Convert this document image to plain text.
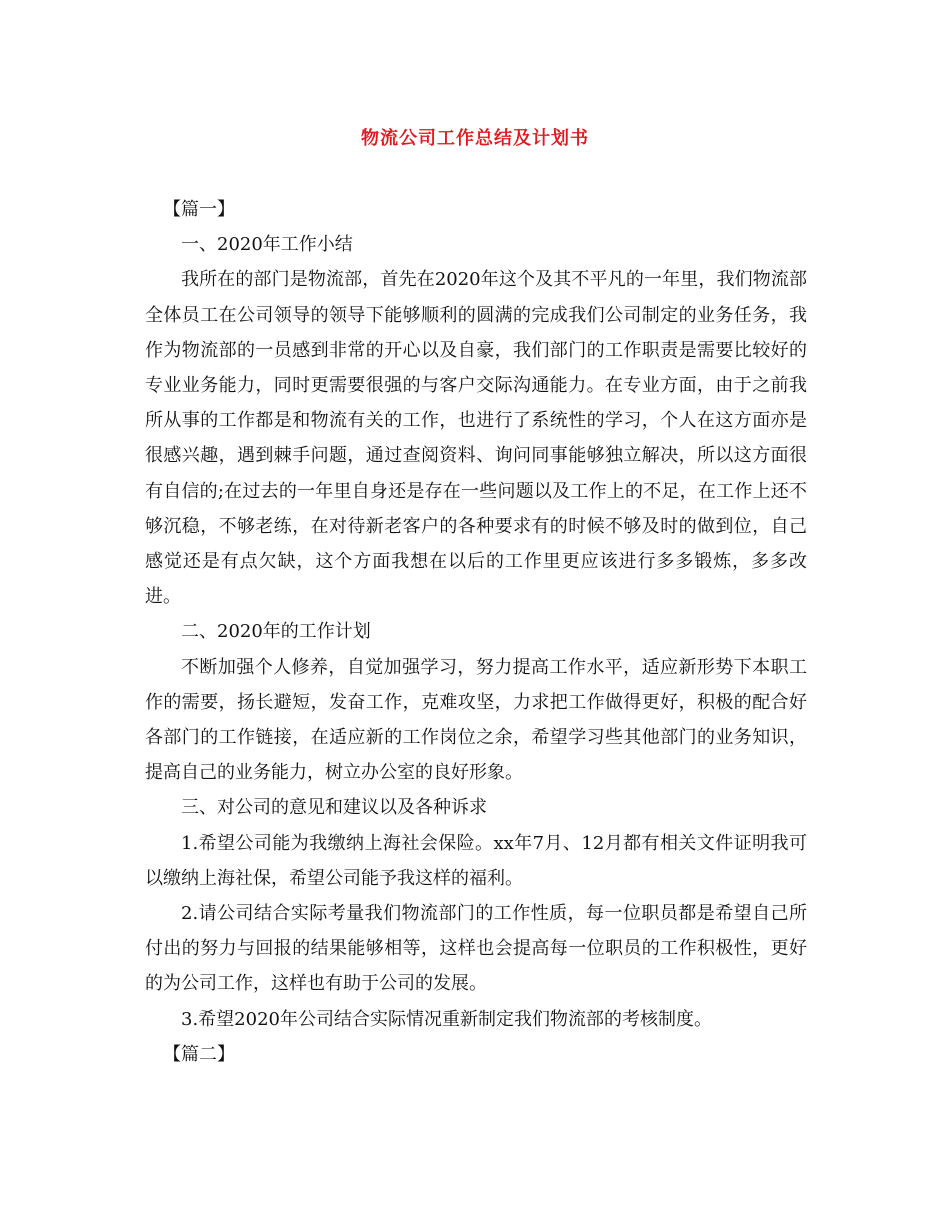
物流公司工作总结及计划书

【篇一】

一、2020年工作小结

我所在的部门是物流部，首先在2020年这个及其不平凡的一年里，我们物流部全体员工在公司领导的领导下能够顺利的圆满的完成我们公司制定的业务任务，我作为物流部的一员感到非常的开心以及自豪，我们部门的工作职责是需要比较好的专业业务能力，同时更需要很强的与客户交际沟通能力。在专业方面，由于之前我所从事的工作都是和物流有关的工作，也进行了系统性的学习，个人在这方面亦是很感兴趣，遇到棘手问题，通过查阅资料、询问同事能够独立解决，所以这方面很有自信的;在过去的一年里自身还是存在一些问题以及工作上的不足，在工作上还不够沉稳，不够老练，在对待新老客户的各种要求有的时候不够及时的做到位，自己感觉还是有点欠缺，这个方面我想在以后的工作里更应该进行多多锻炼，多多改进。

二、2020年的工作计划

不断加强个人修养，自觉加强学习，努力提高工作水平，适应新形势下本职工作的需要，扬长避短，发奋工作，克难攻坚，力求把工作做得更好，积极的配合好各部门的工作链接，在适应新的工作岗位之余，希望学习些其他部门的业务知识，提高自己的业务能力，树立办公室的良好形象。

三、对公司的意见和建议以及各种诉求

1.希望公司能为我缴纳上海社会保险。xx年7月、12月都有相关文件证明我可以缴纳上海社保，希望公司能予我这样的福利。

2.请公司结合实际考量我们物流部门的工作性质，每一位职员都是希望自己所付出的努力与回报的结果能够相等，这样也会提高每一位职员的工作积极性，更好的为公司工作，这样也有助于公司的发展。

3.希望2020年公司结合实际情况重新制定我们物流部的考核制度。

【篇二】
